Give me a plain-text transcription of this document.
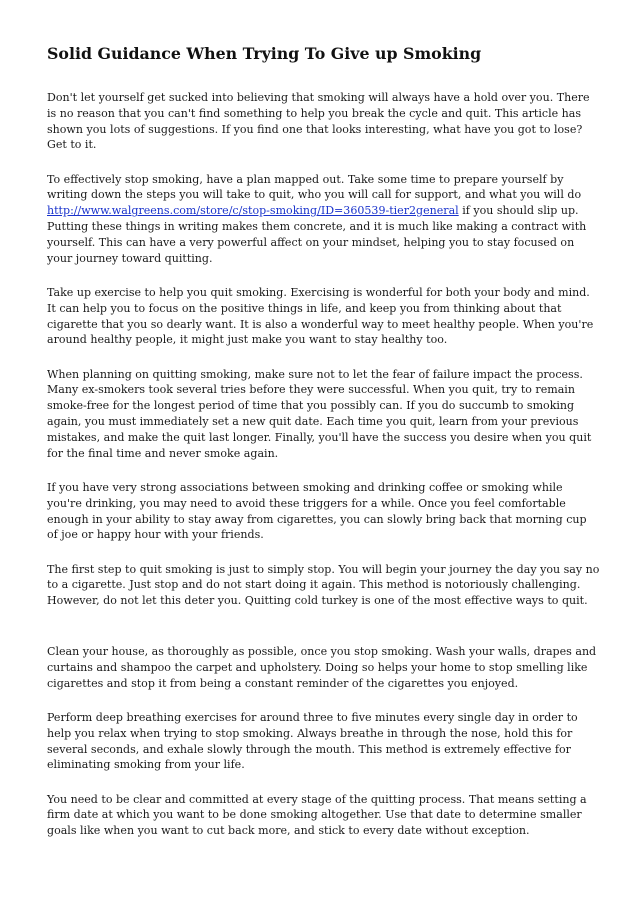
Solid Guidance When Trying To Give up Smoking

Don't let yourself get sucked into believing that smoking will always have a hold over you. There is no reason that you can't find something to help you break the cycle and quit. This article has shown you lots of suggestions. If you find one that looks interesting, what have you got to lose? Get to it.

To effectively stop smoking, have a plan mapped out. Take some time to prepare yourself by writing down the steps you will take to quit, who you will call for support, and what you will do http://www.walgreens.com/store/c/stop-smoking/ID=360539-tier2general if you should slip up. Putting these things in writing makes them concrete, and it is much like making a contract with yourself. This can have a very powerful affect on your mindset, helping you to stay focused on your journey toward quitting.

Take up exercise to help you quit smoking. Exercising is wonderful for both your body and mind. It can help you to focus on the positive things in life, and keep you from thinking about that cigarette that you so dearly want. It is also a wonderful way to meet healthy people. When you're around healthy people, it might just make you want to stay healthy too.

When planning on quitting smoking, make sure not to let the fear of failure impact the process. Many ex-smokers took several tries before they were successful. When you quit, try to remain smoke-free for the longest period of time that you possibly can. If you do succumb to smoking again, you must immediately set a new quit date. Each time you quit, learn from your previous mistakes, and make the quit last longer. Finally, you'll have the success you desire when you quit for the final time and never smoke again.

If you have very strong associations between smoking and drinking coffee or smoking while you're drinking, you may need to avoid these triggers for a while. Once you feel comfortable enough in your ability to stay away from cigarettes, you can slowly bring back that morning cup of joe or happy hour with your friends.

The first step to quit smoking is just to simply stop. You will begin your journey the day you say no to a cigarette. Just stop and do not start doing it again. This method is notoriously challenging. However, do not let this deter you. Quitting cold turkey is one of the most effective ways to quit.

Clean your house, as thoroughly as possible, once you stop smoking. Wash your walls, drapes and curtains and shampoo the carpet and upholstery. Doing so helps your home to stop smelling like cigarettes and stop it from being a constant reminder of the cigarettes you enjoyed.

Perform deep breathing exercises for around three to five minutes every single day in order to help you relax when trying to stop smoking. Always breathe in through the nose, hold this for several seconds, and exhale slowly through the mouth. This method is extremely effective for eliminating smoking from your life.

You need to be clear and committed at every stage of the quitting process. That means setting a firm date at which you want to be done smoking altogether. Use that date to determine smaller goals like when you want to cut back more, and stick to every date without exception.
